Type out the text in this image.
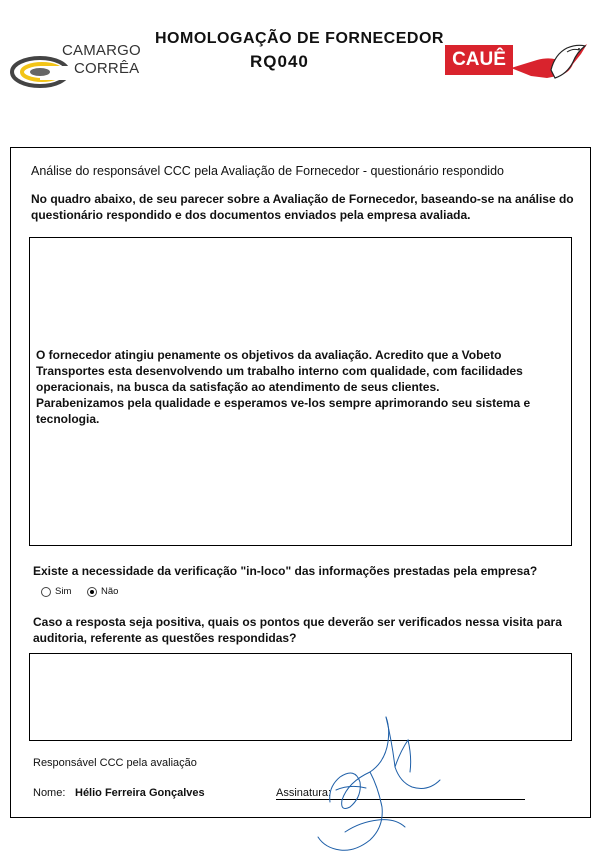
CAMARGO
CORRÊA
HOMOLOGAÇÃO DE FORNECEDOR
RQ040	CAUÊ
Análise do responsável CCC pela Avaliação de Fornecedor - questionário respondido
No quadro abaixo, de seu parecer sobre a Avaliação de Fornecedor, baseando-se na análise do questionário respondido e dos documentos enviados pela empresa avaliada.

O fornecedor atingiu penamente os objetivos da avaliação. Acredito que a Vobeto Transportes esta desenvolvendo um trabalho interno com qualidade, com facilidades operacionais, na busca da satisfação ao atendimento de seus clientes.

Parabenizamos pela qualidade e esperamos ve-los sempre aprimorando seu sistema e tecnologia.

Existe a necessidade da verificação "in-loco" das informações prestadas pela empresa?
Sim	Não
Caso a resposta seja positiva, quais os pontos que deverão ser verificados nessa visita para auditoria, referente as questões respondidas?
Responsável CCC pela avaliação
Nome: Hélio Ferreira Gonçalves	Assinatura:
